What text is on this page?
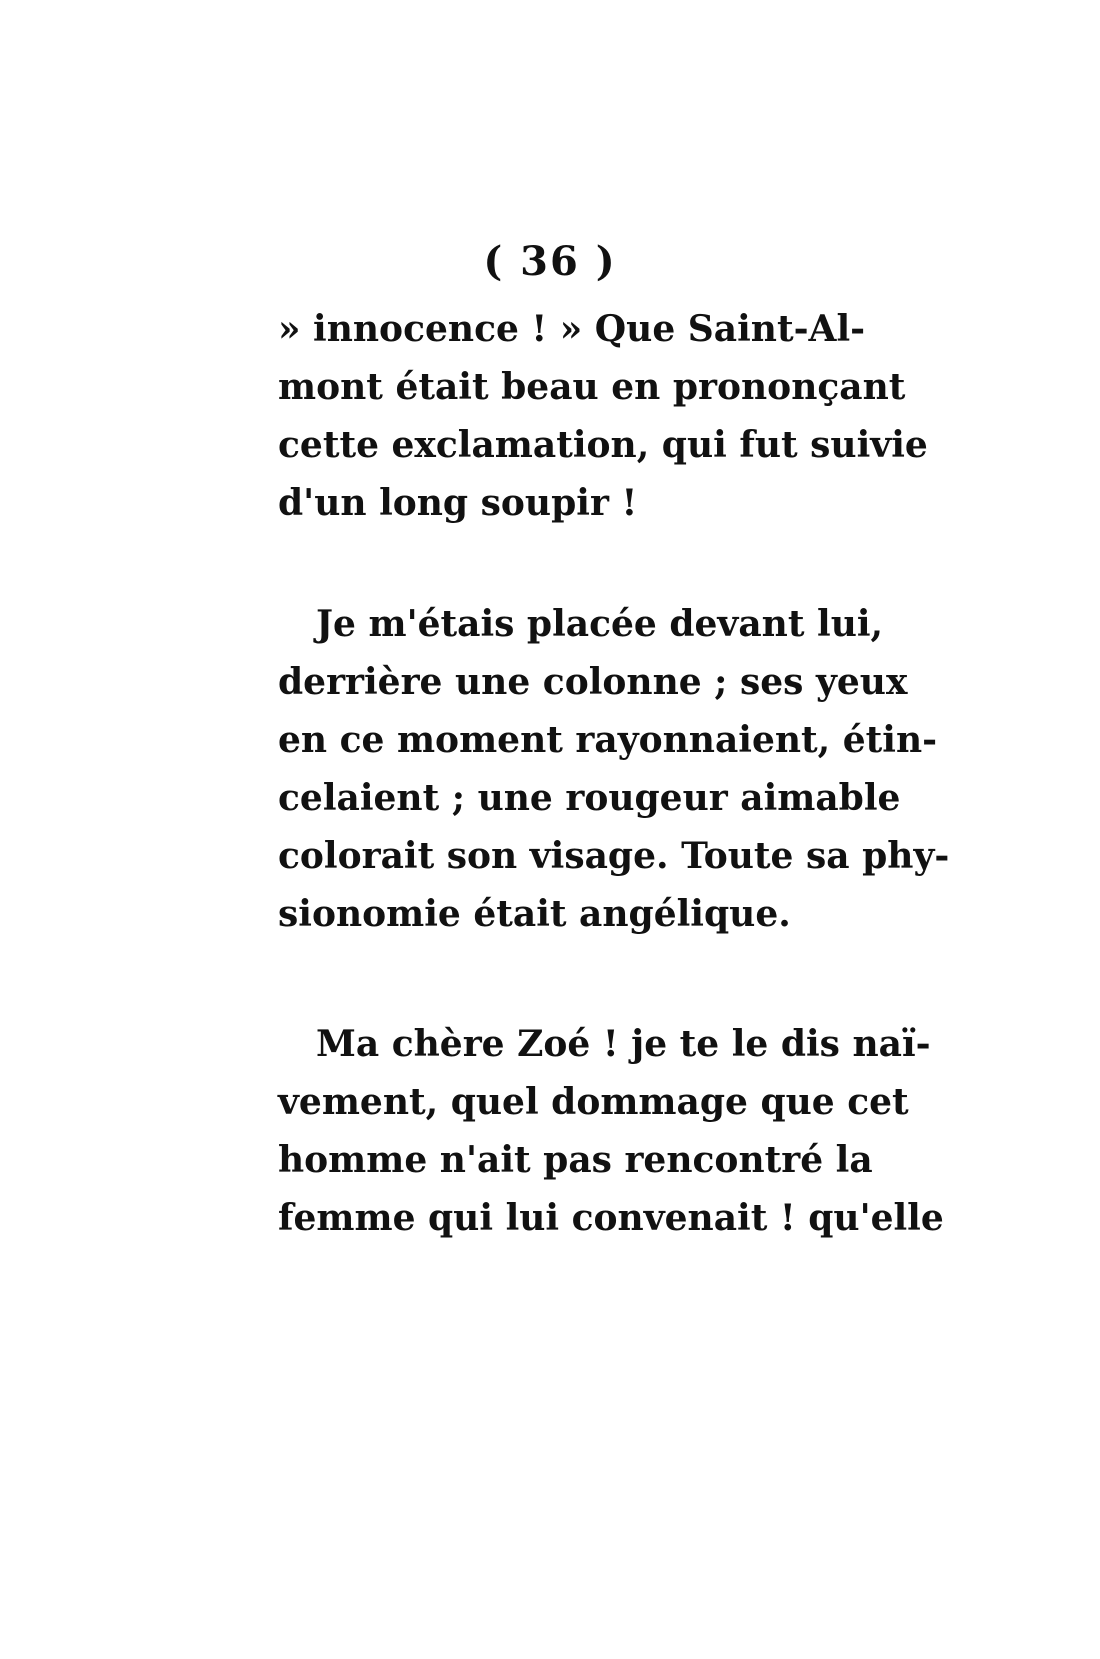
( 36 )
» innocence ! » Que Saint-Al-
mont était beau en prononçant
cette exclamation, qui fut suivie
d'un long soupir !
Je m'étais placée devant lui,
derrière une colonne ; ses yeux
en ce moment rayonnaient, étin-
celaient ; une rougeur aimable
colorait son visage. Toute sa phy-
sionomie était angélique.
Ma chère Zoé ! je te le dis naï-
vement, quel dommage que cet
homme n'ait pas rencontré la
femme qui lui convenait ! qu'elle
